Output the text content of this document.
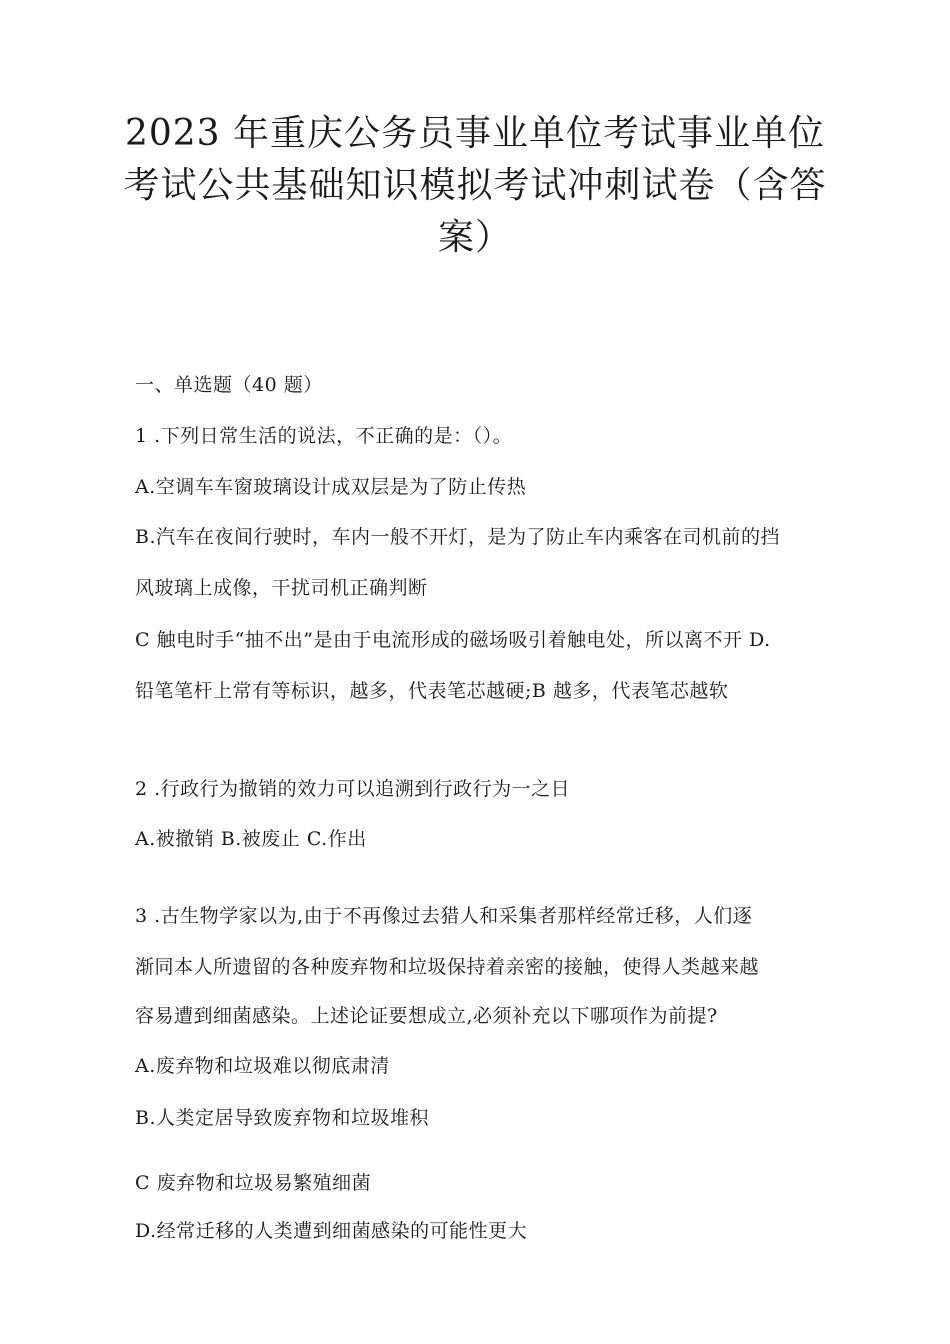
2023 年重庆公务员事业单位考试事业单位
考试公共基础知识模拟考试冲刺试卷（含答
案）
一、单选题（40 题）
1 .下列日常生活的说法，不正确的是：（）。
A.空调车车窗玻璃设计成双层是为了防止传热
B.汽车在夜间行驶时，车内一般不开灯，是为了防止车内乘客在司机前的挡
风玻璃上成像，干扰司机正确判断
C 触电时手“抽不出”是由于电流形成的磁场吸引着触电处，所以离不开 D.
铅笔笔杆上常有等标识，越多，代表笔芯越硬;B 越多，代表笔芯越软
2 .行政行为撤销的效力可以追溯到行政行为一之日
A.被撤销 B.被废止 C.作出
3 .古生物学家以为,由于不再像过去猎人和采集者那样经常迁移，人们逐
渐同本人所遗留的各种废弃物和垃圾保持着亲密的接触，使得人类越来越
容易遭到细菌感染。上述论证要想成立,必须补充以下哪项作为前提?
A.废弃物和垃圾难以彻底肃清
B.人类定居导致废弃物和垃圾堆积
C 废弃物和垃圾易繁殖细菌
D.经常迁移的人类遭到细菌感染的可能性更大
